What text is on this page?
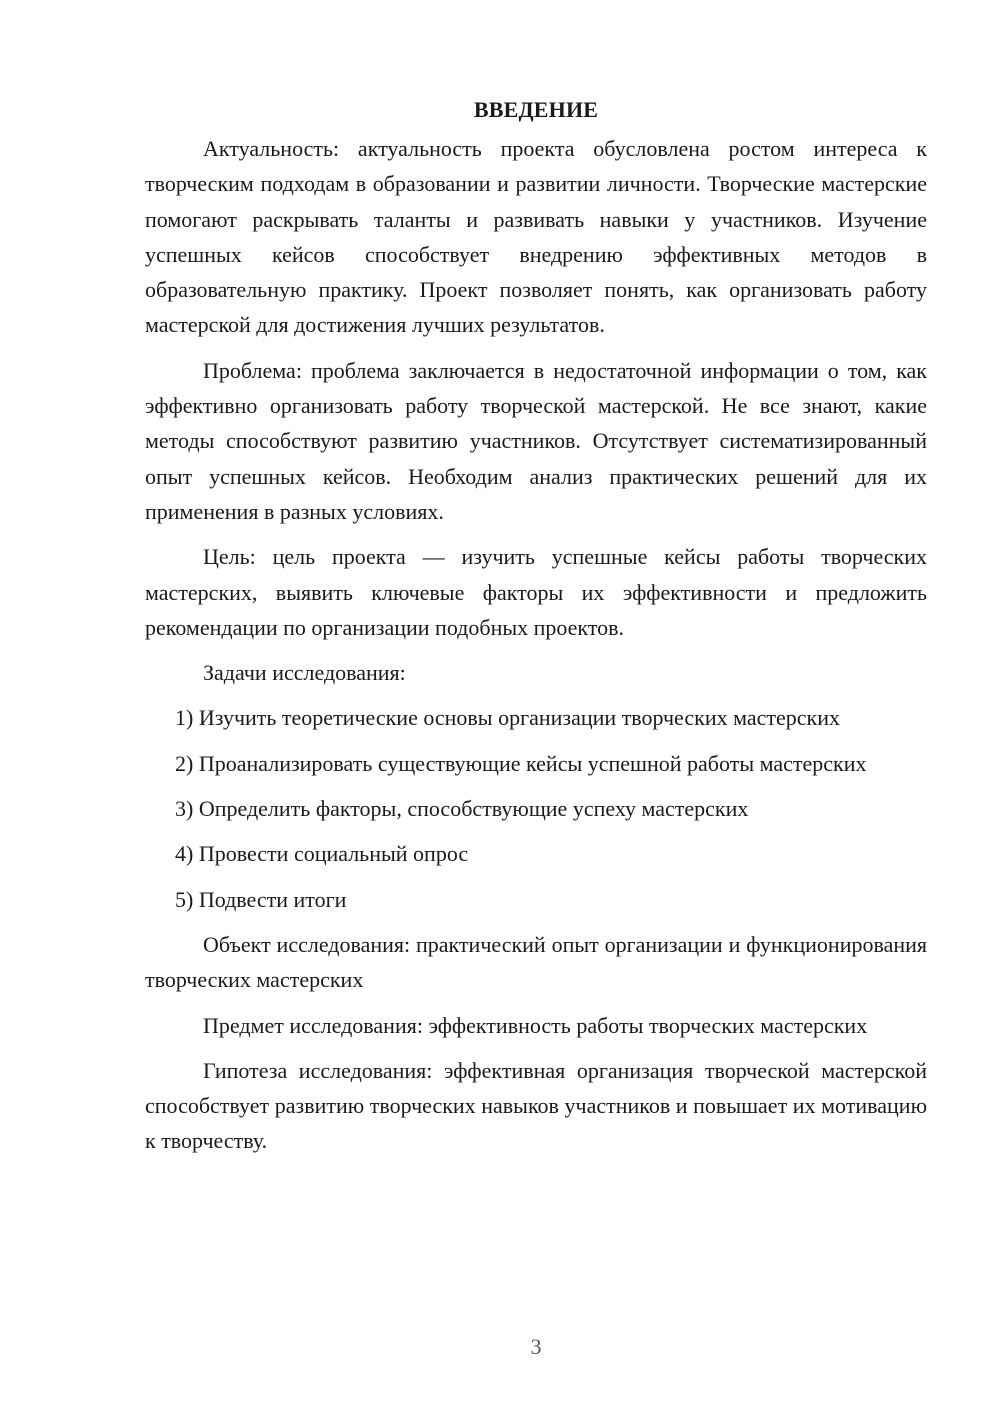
ВВЕДЕНИЕ

Актуальность: актуальность проекта обусловлена ростом интереса к творческим подходам в образовании и развитии личности. Творческие мастерские помогают раскрывать таланты и развивать навыки у участников. Изучение успешных кейсов способствует внедрению эффективных методов в образовательную практику. Проект позволяет понять, как организовать работу мастерской для достижения лучших результатов.

Проблема: проблема заключается в недостаточной информации о том, как эффективно организовать работу творческой мастерской. Не все знают, какие методы способствуют развитию участников. Отсутствует систематизированный опыт успешных кейсов. Необходим анализ практических решений для их применения в разных условиях.

Цель: цель проекта — изучить успешные кейсы работы творческих мастерских, выявить ключевые факторы их эффективности и предложить рекомендации по организации подобных проектов.

Задачи исследования:

1) Изучить теоретические основы организации творческих мастерских

2) Проанализировать существующие кейсы успешной работы мастерских

3) Определить факторы, способствующие успеху мастерских

4) Провести социальный опрос

5) Подвести итоги

Объект исследования: практический опыт организации и функционирования творческих мастерских

Предмет исследования: эффективность работы творческих мастерских

Гипотеза исследования: эффективная организация творческой мастерской способствует развитию творческих навыков участников и повышает их мотивацию к творчеству.

3
